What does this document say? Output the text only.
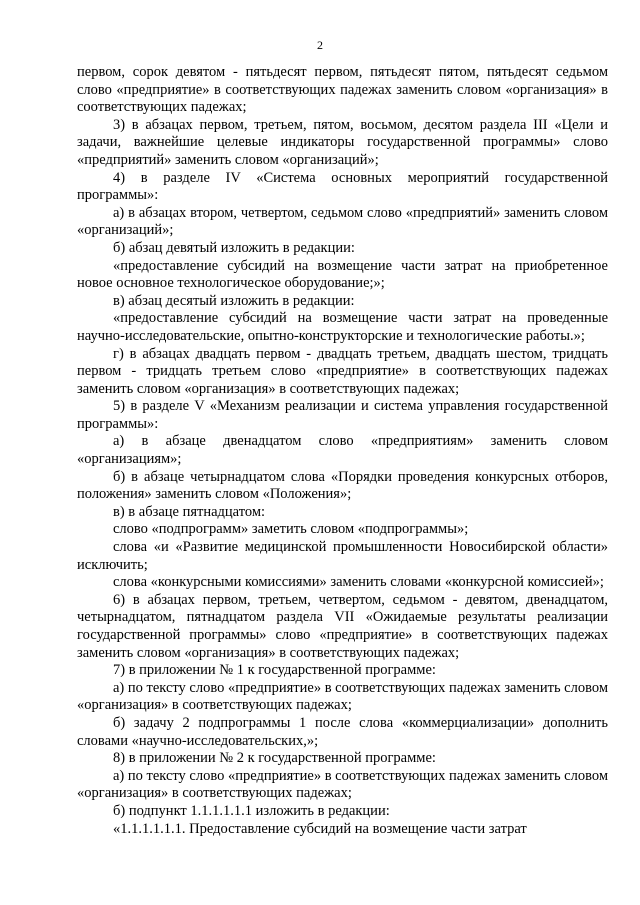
2

первом, сорок девятом - пятьдесят первом, пятьдесят пятом, пятьдесят седьмом слово «предприятие» в соответствующих падежах заменить словом «организация» в соответствующих падежах;

3) в абзацах первом, третьем, пятом, восьмом, десятом раздела III «Цели и задачи, важнейшие целевые индикаторы государственной программы» слово «предприятий» заменить словом «организаций»;

4) в разделе IV «Система основных мероприятий государственной программы»:

а) в абзацах втором, четвертом, седьмом слово «предприятий» заменить словом «организаций»;

б) абзац девятый изложить в редакции:

«предоставление субсидий на возмещение части затрат на приобретенное новое основное технологическое оборудование;»;

в) абзац десятый изложить в редакции:

«предоставление субсидий на возмещение части затрат на проведенные научно-исследовательские, опытно-конструкторские и технологические работы.»;

г) в абзацах двадцать первом - двадцать третьем, двадцать шестом, тридцать первом - тридцать третьем слово «предприятие» в соответствующих падежах заменить словом «организация» в соответствующих падежах;

5) в разделе V «Механизм реализации и система управления государственной программы»:

а) в абзаце двенадцатом слово «предприятиям» заменить словом «организациям»;

б) в абзаце четырнадцатом слова «Порядки проведения конкурсных отборов, положения» заменить словом «Положения»;

в) в абзаце пятнадцатом:

слово «подпрограмм» заметить словом «подпрограммы»;

слова «и «Развитие медицинской промышленности Новосибирской области» исключить;

слова «конкурсными комиссиями» заменить словами «конкурсной комиссией»;

6) в абзацах первом, третьем, четвертом, седьмом - девятом, двенадцатом, четырнадцатом, пятнадцатом раздела VII «Ожидаемые результаты реализации государственной программы» слово «предприятие» в соответствующих падежах заменить словом «организация» в соответствующих падежах;

7) в приложении № 1 к государственной программе:

а) по тексту слово «предприятие» в соответствующих падежах заменить словом «организация» в соответствующих падежах;

б) задачу 2 подпрограммы 1 после слова «коммерциализации» дополнить словами «научно-исследовательских,»;

8) в приложении № 2 к государственной программе:

а) по тексту слово «предприятие» в соответствующих падежах заменить словом «организация» в соответствующих падежах;

б) подпункт 1.1.1.1.1.1 изложить в редакции:

«1.1.1.1.1.1. Предоставление субсидий на возмещение части затрат
